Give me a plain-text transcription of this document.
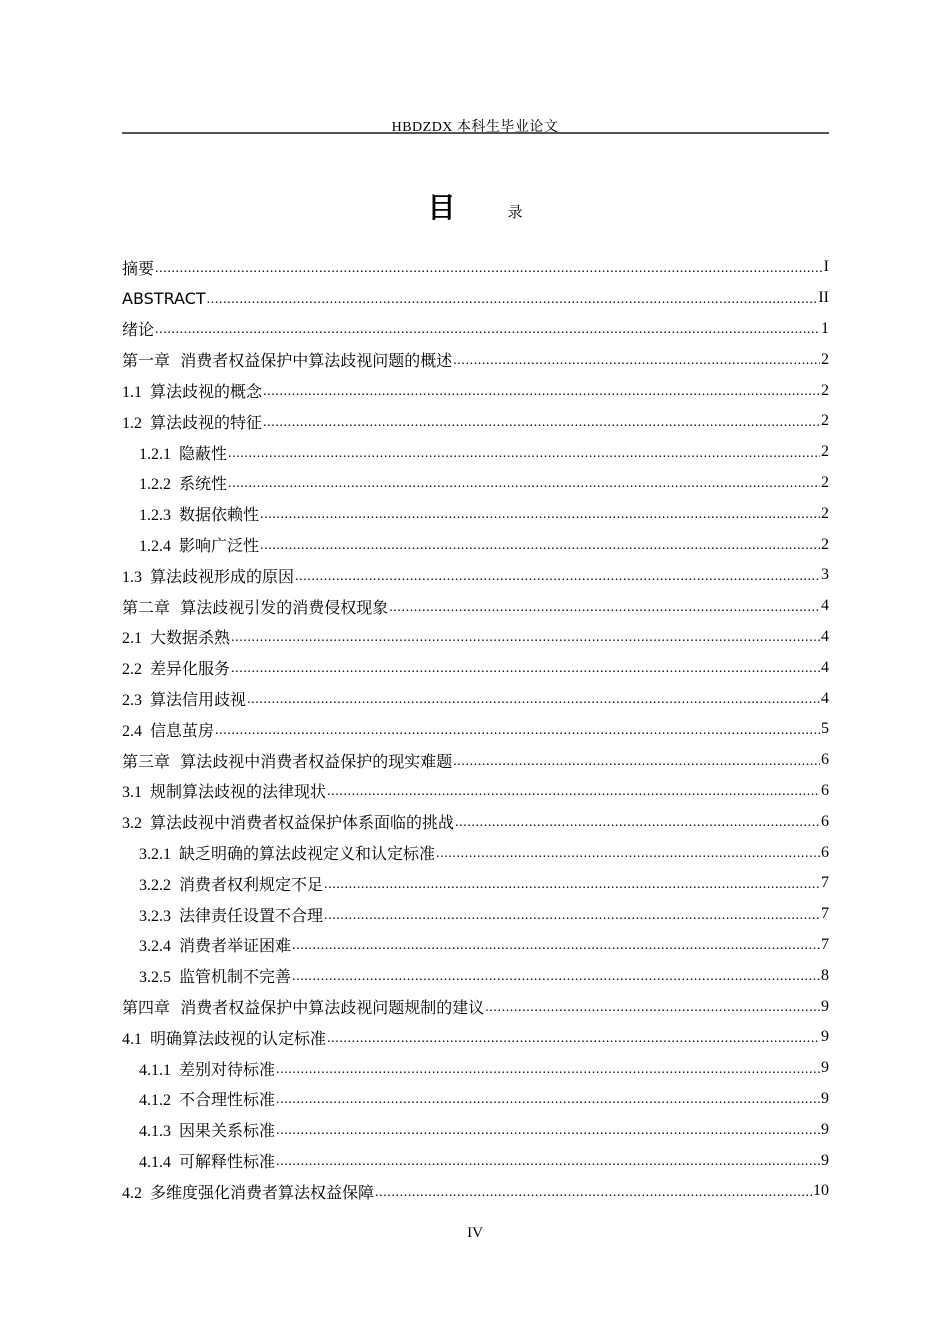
HBDZDX 本科生毕业论文
目	录
摘要 .....	I
ABSTRACT .....	II
绪论 .....	1
第一章  消费者权益保护中算法歧视问题的概述 .....	2
1.1  算法歧视的概念 .....	2
1.2  算法歧视的特征 .....	2
1.2.1  隐蔽性 .....	2
1.2.2  系统性 .....	2
1.2.3  数据依赖性 .....	2
1.2.4  影响广泛性 .....	2
1.3  算法歧视形成的原因 .....	3
第二章  算法歧视引发的消费侵权现象 .....	4
2.1  大数据杀熟 .....	4
2.2  差异化服务 .....	4
2.3  算法信用歧视 .....	4
2.4  信息茧房 .....	5
第三章  算法歧视中消费者权益保护的现实难题 .....	6
3.1  规制算法歧视的法律现状 .....	6
3.2  算法歧视中消费者权益保护体系面临的挑战 .....	6
3.2.1  缺乏明确的算法歧视定义和认定标准 .....	6
3.2.2  消费者权利规定不足 .....	7
3.2.3  法律责任设置不合理 .....	7
3.2.4  消费者举证困难 .....	7
3.2.5  监管机制不完善 .....	8
第四章  消费者权益保护中算法歧视问题规制的建议 .....	9
4.1  明确算法歧视的认定标准 .....	9
4.1.1  差别对待标准 .....	9
4.1.2  不合理性标准 .....	9
4.1.3  因果关系标准 .....	9
4.1.4  可解释性标准 .....	9
4.2  多维度强化消费者算法权益保障 .....	10
IV
